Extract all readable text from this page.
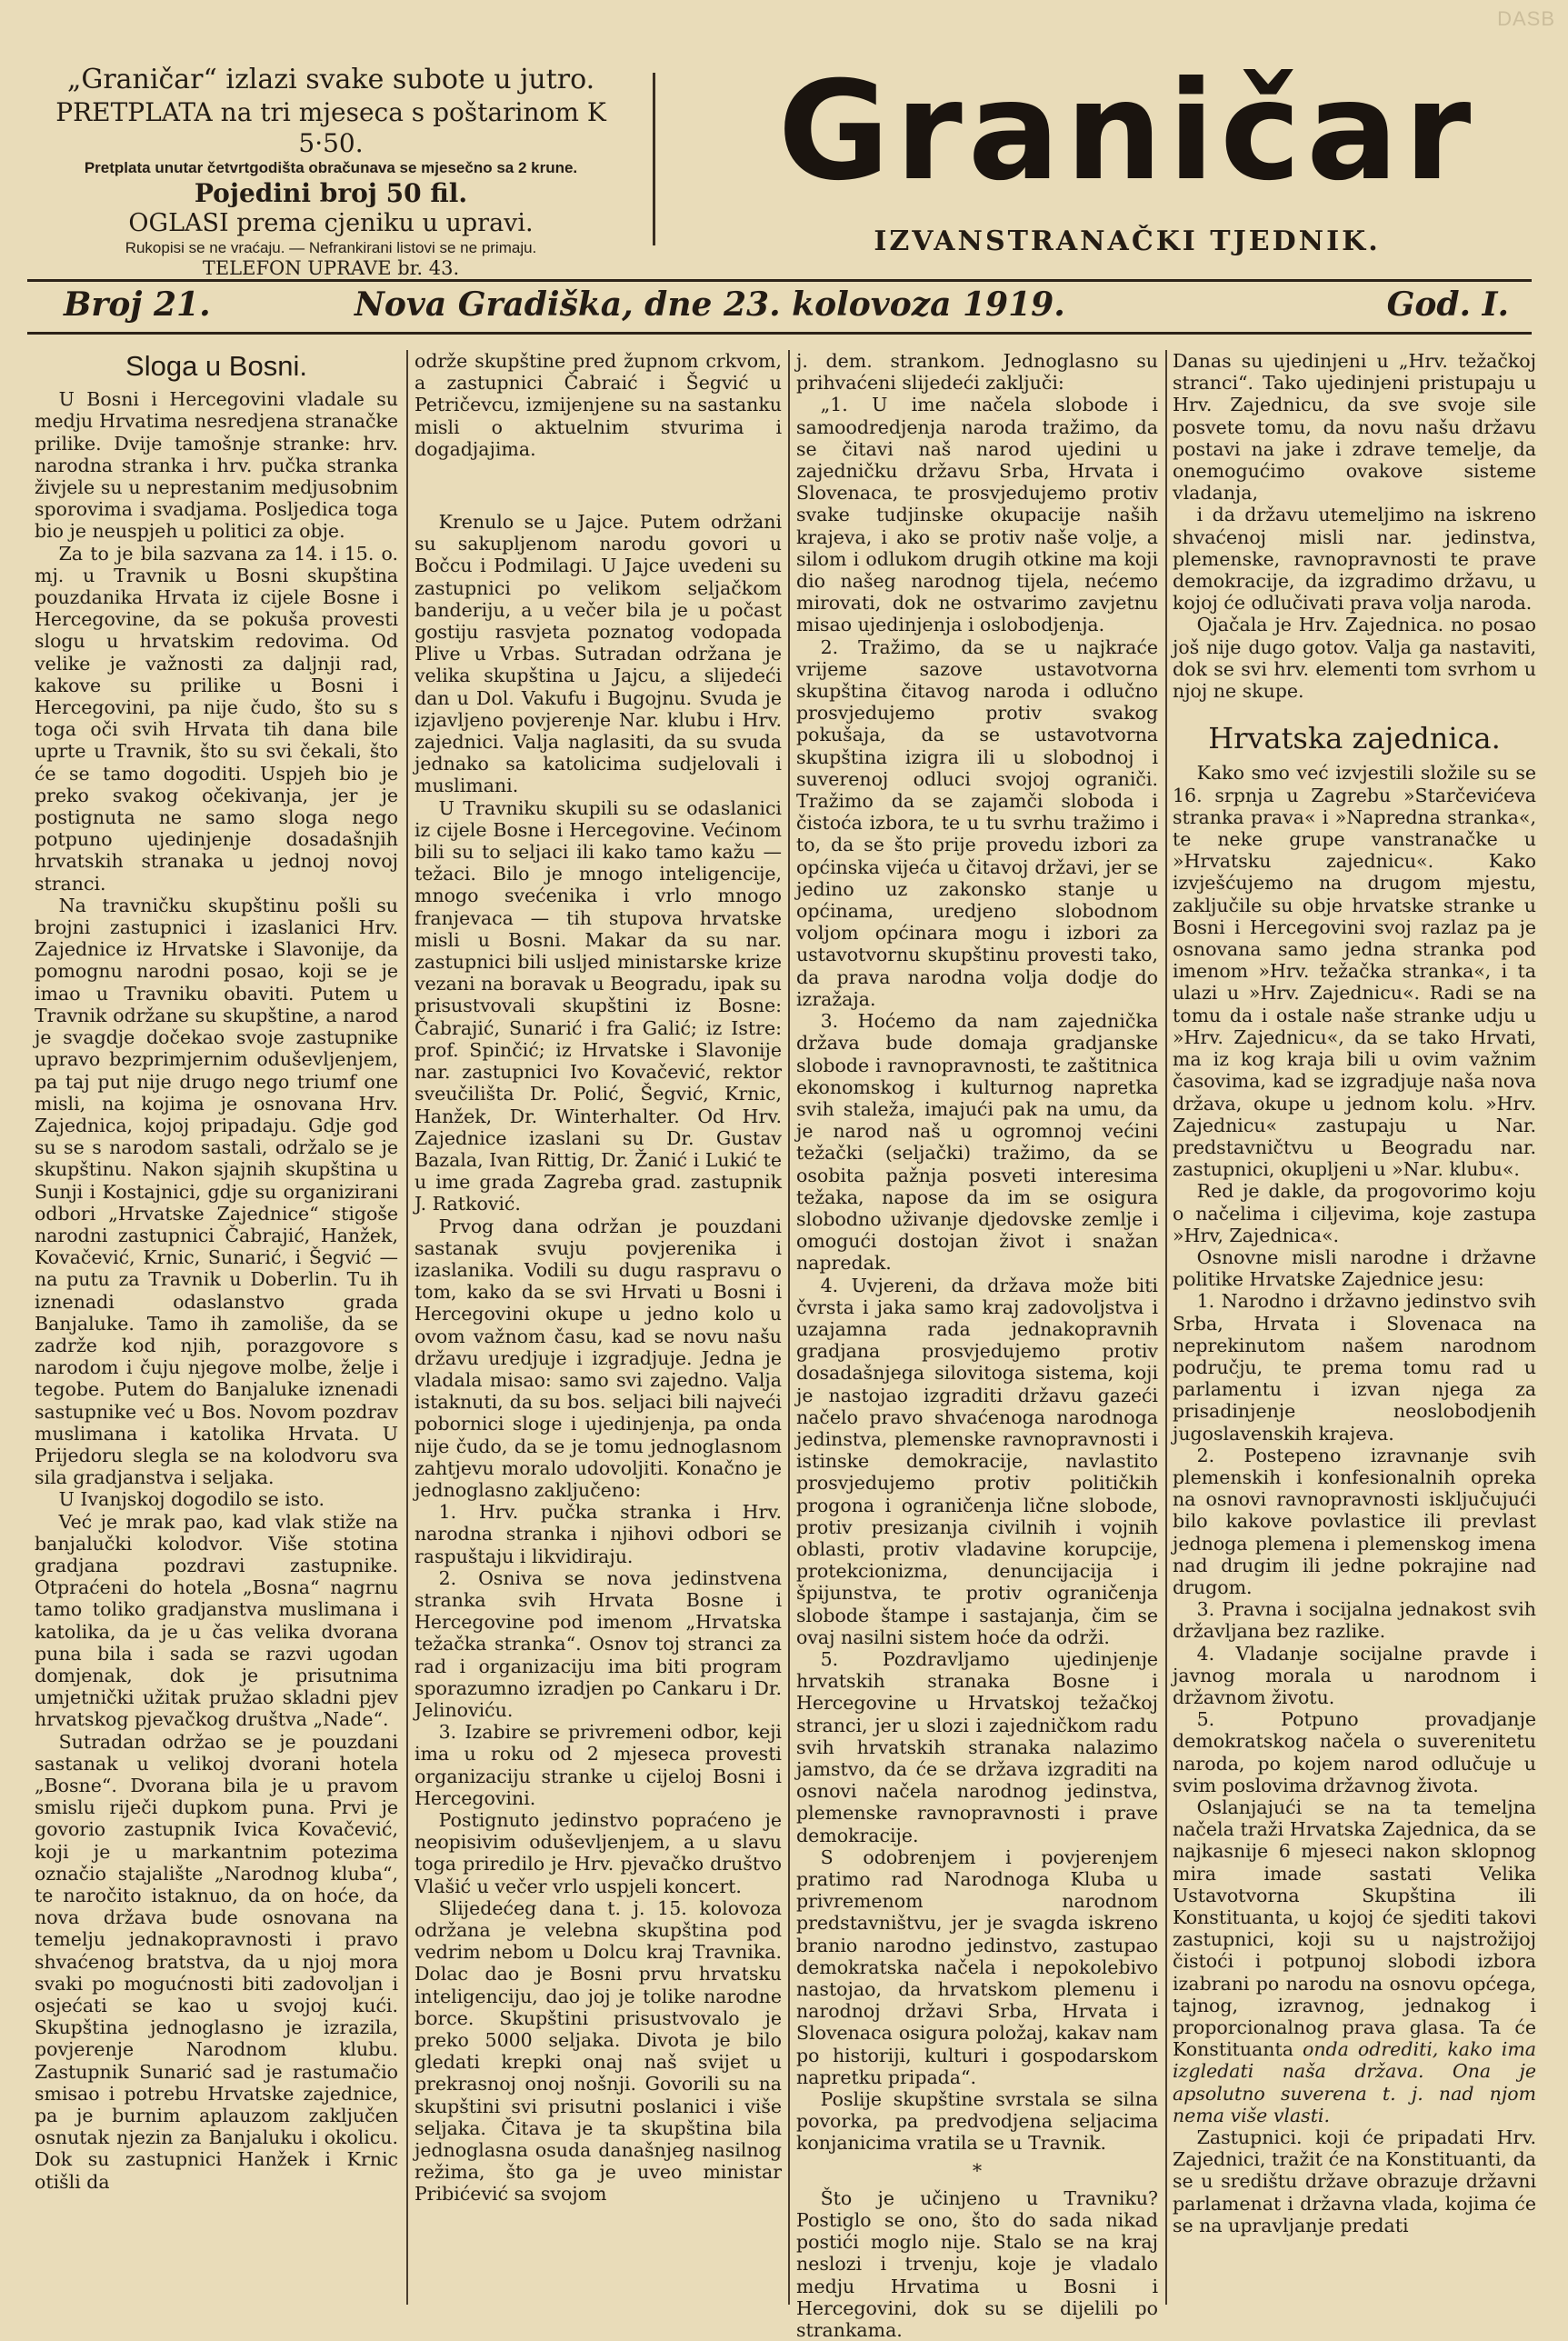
DASB
„Graničar“ izlazi svake subote u jutro.
PRETPLATA na tri mjeseca s poštarinom K 5·50.
Pretplata unutar četvrtgodišta obračunava se mjesečno sa 2 krune.
Pojedini broj 50 fil.
OGLASI prema cjeniku u upravi.
Rukopisi se ne vraćaju. — Nefrankirani listovi se ne primaju.
TELEFON UPRAVE br. 43.
Graničar
IZVANSTRANAČKI TJEDNIK.
Broj 21.	Nova Gradiška, dne 23. kolovoza 1919.	God. I.
Sloga u Bosni.

U Bosni i Hercegovini vladale su medju Hrvatima nesredjena stranačke prilike. Dvije tamošnje stranke: hrv. narodna stranka i hrv. pučka stranka živjele su u neprestanim medjusobnim sporovima i svadjama. Posljedica toga bio je neuspjeh u politici za obje.

Za to je bila sazvana za 14. i 15. o. mj. u Travnik u Bosni skupština pouzdanika Hrvata iz cijele Bosne i Hercegovine, da se pokuša provesti slogu u hrvatskim redovima. Od velike je važnosti za daljnji rad, kakove su prilike u Bosni i Hercegovini, pa nije čudo, što su s toga oči svih Hrvata tih dana bile uprte u Travnik, što su svi čekali, što će se tamo dogoditi. Uspjeh bio je preko svakog očekivanja, jer je postignuta ne samo sloga nego potpuno ujedinjenje dosadašnjih hrvatskih stranaka u jednoj novoj stranci.

Na travničku skupštinu pošli su brojni zastupnici i izaslanici Hrv. Zajednice iz Hrvatske i Slavonije, da pomognu narodni posao, koji se je imao u Travniku obaviti. Putem u Travnik održane su skupštine, a narod je svagdje dočekao svoje zastupnike upravo bezprimjernim oduševljenjem, pa taj put nije drugo nego triumf one misli, na kojima je osnovana Hrv. Zajednica, kojoj pripadaju. Gdje god su se s narodom sastali, održalo se je skupštinu. Nakon sjajnih skupština u Sunji i Kostajnici, gdje su organizirani odbori „Hrvatske Zajednice“ stigoše narodni zastupnici Čabrajić, Hanžek, Kovačević, Krnic, Sunarić, i Šegvić — na putu za Travnik u Doberlin. Tu ih iznenadi odaslanstvo grada Banjaluke. Tamo ih zamoliše, da se zadrže kod njih, porazgovore s narodom i čuju njegove molbe, želje i tegobe. Putem do Banjaluke iznenadi sastupnike već u Bos. Novom pozdrav muslimana i katolika Hrvata. U Prijedoru slegla se na kolodvoru sva sila gradjanstva i seljaka.

U Ivanjskoj dogodilo se isto.

Već je mrak pao, kad vlak stiže na banjalučki kolodvor. Više stotina gradjana pozdravi zastupnike. Otpraćeni do hotela „Bosna“ nagrnu tamo toliko gradjanstva muslimana i katolika, da je u čas velika dvorana puna bila i sada se razvi ugodan domjenak, dok je prisutnima umjetnički užitak pružao skladni pjev hrvatskog pjevačkog društva „Nade“.

Sutradan održao se je pouzdani sastanak u velikoj dvorani hotela „Bosne“. Dvorana bila je u pravom smislu riječi dupkom puna. Prvi je govorio zastupnik Ivica Kovačević, koji je u markantnim potezima označio stajalište „Narodnog kluba“, te naročito istaknuo, da on hoće, da nova država bude osnovana na temelju jednakopravnosti i pravo shvaćenog bratstva, da u njoj mora svaki po mogućnosti biti zadovoljan i osjećati se kao u svojoj kući. Skupština jednoglasno je izrazila, povjerenje Narodnom klubu. Zastupnik Sunarić sad je rastumačio smisao i potrebu Hrvatske zajednice, pa je burnim aplauzom zaključen osnutak njezin za Banjaluku i okolicu. Dok su zastupnici Hanžek i Krnic otišli da

održe skupštine pred župnom crkvom, a zastupnici Čabraić i Šegvić u Petričevcu, izmijenjene su na sastanku misli o aktuelnim stvurima i dogadjajima.

Krenulo se u Jajce. Putem održani su sakupljenom narodu govori u Bočcu i Podmilagi. U Jajce uvedeni su zastupnici po velikom seljačkom banderiju, a u večer bila je u počast gostiju rasvjeta poznatog vodopada Plive u Vrbas. Sutradan održana je velika skupština u Jajcu, a slijedeći dan u Dol. Vakufu i Bugojnu. Svuda je izjavljeno povjerenje Nar. klubu i Hrv. zajednici. Valja naglasiti, da su svuda jednako sa katolicima sudjelovali i muslimani.

U Travniku skupili su se odaslanici iz cijele Bosne i Hercegovine. Većinom bili su to seljaci ili kako tamo kažu — težaci. Bilo je mnogo inteligencije, mnogo svećenika i vrlo mnogo franjevaca — tih stupova hrvatske misli u Bosni. Makar da su nar. zastupnici bili usljed ministarske krize vezani na boravak u Beogradu, ipak su prisustvovali skupštini iz Bosne: Čabrajić, Sunarić i fra Galić; iz Istre: prof. Spinčić; iz Hrvatske i Slavonije nar. zastupnici Ivo Kovačević, rektor sveučilišta Dr. Polić, Šegvić, Krnic, Hanžek, Dr. Winterhalter. Od Hrv. Zajednice izaslani su Dr. Gustav Bazala, Ivan Rittig, Dr. Žanić i Lukić te u ime grada Zagreba grad. zastupnik J. Ratković.

Prvog dana održan je pouzdani sastanak svuju povjerenika i izaslanika. Vodili su dugu raspravu o tom, kako da se svi Hrvati u Bosni i Hercegovini okupe u jedno kolo u ovom važnom času, kad se novu našu državu uredjuje i izgradjuje. Jedna je vladala misao: samo svi zajedno. Valja istaknuti, da su bos. seljaci bili najveći pobornici sloge i ujedinjenja, pa onda nije čudo, da se je tomu jednoglasnom zahtjevu moralo udovoljiti. Konačno je jednoglasno zaključeno:

1. Hrv. pučka stranka i Hrv. narodna stranka i njihovi odbori se raspuštaju i likvidiraju.

2. Osniva se nova jedinstvena stranka svih Hrvata Bosne i Hercegovine pod imenom „Hrvatska težačka stranka“. Osnov toj stranci za rad i organizaciju ima biti program sporazumno izradjen po Cankaru i Dr. Jelinoviću.

3. Izabire se privremeni odbor, keji ima u roku od 2 mjeseca provesti organizaciju stranke u cijeloj Bosni i Hercegovini.

Postignuto jedinstvo popraćeno je neopisivim oduševljenjem, a u slavu toga priredilo je Hrv. pjevačko društvo Vlašić u večer vrlo uspjeli koncert.

Slijedećeg dana t. j. 15. kolovoza održana je velebna skupština pod vedrim nebom u Dolcu kraj Travnika. Dolac dao je Bosni prvu hrvatsku inteligenciju, dao joj je tolike narodne borce. Skupštini prisustvovalo je preko 5000 seljaka. Divota je bilo gledati krepki onaj naš svijet u prekrasnoj onoj nošnji. Govorili su na skupštini svi prisutni poslanici i više seljaka. Čitava je ta skupština bila jednoglasna osuda današnjeg nasilnog režima, što ga je uveo ministar Pribićević sa svojom

j. dem. strankom. Jednoglasno su prihvaćeni slijedeći zaključi:

„1. U ime načela slobode i samoodredjenja naroda tražimo, da se čitavi naš narod ujedini u zajedničku državu Srba, Hrvata i Slovenaca, te prosvjedujemo protiv svake tudjinske okupacije naših krajeva, i ako se protiv naše volje, a silom i odlukom drugih otkine ma koji dio našeg narodnog tijela, nećemo mirovati, dok ne ostvarimo zavjetnu misao ujedinjenja i oslobodjenja.

2. Tražimo, da se u najkraće vrijeme sazove ustavotvorna skupština čitavog naroda i odlučno prosvjedujemo protiv svakog pokušaja, da se ustavotvorna skupština izigra ili u slobodnoj i suverenoj odluci svojoj ograniči. Tražimo da se zajamči sloboda i čistoća izbora, te u tu svrhu tražimo i to, da se što prije provedu izbori za općinska vijeća u čitavoj državi, jer se jedino uz zakonsko stanje u općinama, uredjeno slobodnom voljom općinara mogu i izbori za ustavotvornu skupštinu provesti tako, da prava narodna volja dodje do izražaja.

3. Hoćemo da nam zajednička država bude domaja gradjanske slobode i ravnopravnosti, te zaštitnica ekonomskog i kulturnog napretka svih staleža, imajući pak na umu, da je narod naš u ogromnoj većini težački (seljački) tražimo, da se osobita pažnja posveti interesima težaka, napose da im se osigura slobodno uživanje djedovske zemlje i omogući dostojan život i snažan napredak.

4. Uvjereni, da država može biti čvrsta i jaka samo kraj zadovoljstva i uzajamna rada jednakopravnih gradjana prosvjedujemo protiv dosadašnjega silovitoga sistema, koji je nastojao izgraditi državu gazeći načelo pravo shvaćenoga narodnoga jedinstva, plemenske ravnopravnosti i istinske demokracije, navlastito prosvjedujemo protiv političkih progona i ograničenja lične slobode, protiv presizanja civilnih i vojnih oblasti, protiv vladavine korupcije, protekcionizma, denuncijacija i špijunstva, te protiv ograničenja slobode štampe i sastajanja, čim se ovaj nasilni sistem hoće da održi.

5. Pozdravljamo ujedinjenje hrvatskih stranaka Bosne i Hercegovine u Hrvatskoj težačkoj stranci, jer u slozi i zajedničkom radu svih hrvatskih stranaka nalazimo jamstvo, da će se država izgraditi na osnovi načela narodnog jedinstva, plemenske ravnopravnosti i prave demokracije.

S odobrenjem i povjerenjem pratimo rad Narodnoga Kluba u privremenom narodnom predstavništvu, jer je svagda iskreno branio narodno jedinstvo, zastupao demokratska načela i nepokolebivo nastojao, da hrvatskom plemenu i narodnoj državi Srba, Hrvata i Slovenaca osigura položaj, kakav nam po historiji, kulturi i gospodarskom napretku pripada“.

Poslije skupštine svrstala se silna povorka, pa predvodjena seljacima konjanicima vratila se u Travnik.

*

Što je učinjeno u Travniku? Postiglo se ono, što do sada nikad postići moglo nije. Stalo se na kraj neslozi i trvenju, koje je vladalo medju Hrvatima u Bosni i Hercegovini, dok su se dijelili po strankama.

Danas su ujedinjeni u „Hrv. težačkoj stranci“. Tako ujedinjeni pristupaju u Hrv. Zajednicu, da sve svoje sile posvete tomu, da novu našu državu postavi na jake i zdrave temelje, da onemogućimo ovakove sisteme vladanja,

i da državu utemeljimo na iskreno shvaćenoj misli nar. jedinstva, plemenske, ravnopravnosti te prave demokracije, da izgradimo državu, u kojoj će odlučivati prava volja naroda.

Ojačala je Hrv. Zajednica. no posao još nije dugo gotov. Valja ga nastaviti, dok se svi hrv. elementi tom svrhom u njoj ne skupe.

Hrvatska zajednica.

Kako smo već izvjestili složile su se 16. srpnja u Zagrebu »Starčevićeva stranka prava« i »Napredna stranka«, te neke grupe vanstranačke u »Hrvatsku zajednicu«. Kako izvješćujemo na drugom mjestu, zaključile su obje hrvatske stranke u Bosni i Hercegovini svoj razlaz pa je osnovana samo jedna stranka pod imenom »Hrv. težačka stranka«, i ta ulazi u »Hrv. Zajednicu«. Radi se na tomu da i ostale naše stranke udju u »Hrv. Zajednicu«, da se tako Hrvati, ma iz kog kraja bili u ovim važnim časovima, kad se izgradjuje naša nova država, okupe u jednom kolu. »Hrv. Zajednicu« zastupaju u Nar. predstavničtvu u Beogradu nar. zastupnici, okupljeni u »Nar. klubu«.

Red je dakle, da progovorimo koju o načelima i ciljevima, koje zastupa »Hrv, Zajednica«.

Osnovne misli narodne i državne politike Hrvatske Zajednice jesu:

1. Narodno i državno jedinstvo svih Srba, Hrvata i Slovenaca na neprekinutom našem narodnom području, te prema tomu rad u parlamentu i izvan njega za prisadinjenje neoslobodjenih jugoslavenskih krajeva.

2. Postepeno izravnanje svih plemenskih i konfesionalnih opreka na osnovi ravnopravnosti isključujući bilo kakove povlastice ili prevlast jednoga plemena i plemenskog imena nad drugim ili jedne pokrajine nad drugom.

3. Pravna i socijalna jednakost svih državljana bez razlike.

4. Vladanje socijalne pravde i javnog morala u narodnom i državnom životu.

5. Potpuno provadjanje demokratskog načela o suverenitetu naroda, po kojem narod odlučuje u svim poslovima državnog života.

Oslanjajući se na ta temeljna načela traži Hrvatska Zajednica, da se najkasnije 6 mjeseci nakon sklopnog mira imade sastati Velika Ustavotvorna Skupština ili Konstituanta, u kojoj će sjediti takovi zastupnici, koji su u najstrožijoj čistoći i potpunoj slobodi izbora izabrani po narodu na osnovu općega, tajnog, izravnog, jednakog i proporcionalnog prava glasa. Ta će Konstituanta onda odrediti, kako ima izgledati naša država. Ona je apsolutno suverena t. j. nad njom nema više vlasti.

Zastupnici. koji će pripadati Hrv. Zajednici, tražit će na Konstituanti, da se u središtu države obrazuje državni parlamenat i državna vlada, kojima će se na upravljanje predati
